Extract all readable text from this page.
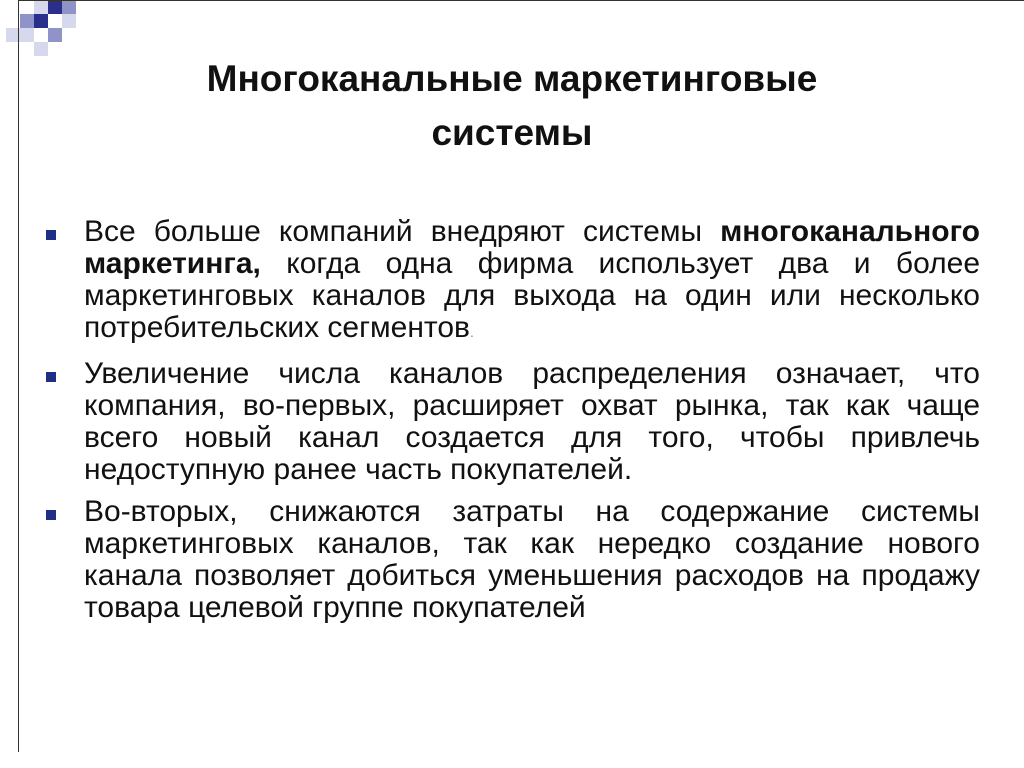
Многоканальные маркетинговые
системы
Все больше компаний внедряют системы многоканального маркетинга, когда одна фирма использует два и более маркетинговых каналов для выхода на один или несколько потребительских сегментов.
Увеличение числа каналов распределения означает, что компания, во-первых, расширяет охват рынка, так как чаще всего новый канал создается для того, чтобы привлечь недоступную ранее часть покупателей.
Во-вторых, снижаются затраты на содержание системы маркетинговых каналов, так как нередко создание нового канала позволяет добиться уменьшения расходов на продажу товара целевой группе покупателей
